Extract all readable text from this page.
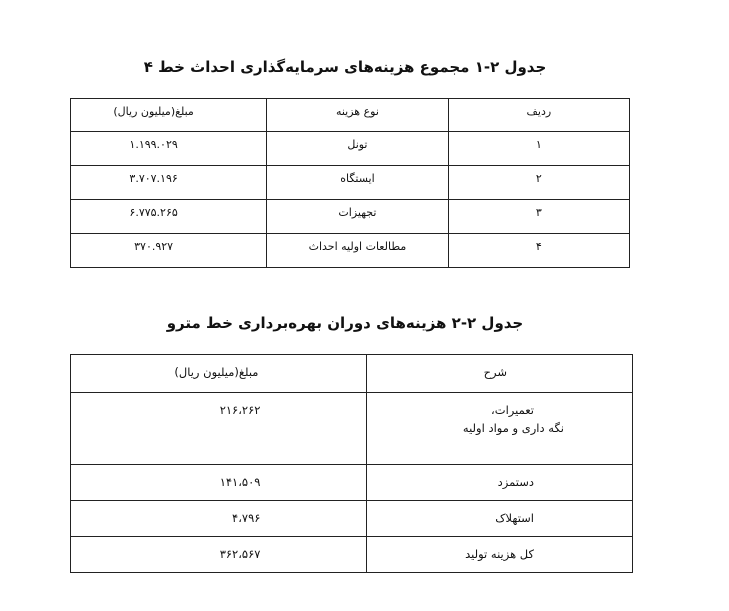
جدول ۲-۱ مجموع هزینه‌های سرمایه‌گذاری احداث خط ۴
ردیف	نوع هزینه	مبلغ(میلیون ریال)

۱	تونل	۱.۱۹۹.۰۲۹

۲	ایستگاه	۳.۷۰۷.۱۹۶

۳	تجهیزات	۶.۷۷۵.۲۶۵

۴	مطالعات اولیه احداث	۳۷۰.۹۲۷
جدول ۲-۲ هزینه‌های دوران بهره‌برداری خط مترو
شرح	مبلغ(میلیون ریال)

تعمیرات،
نگه داری و مواد اولیه	۲۱۶،۲۶۲

دستمزد	۱۴۱،۵۰۹

استهلاک	۴،۷۹۶

کل هزینه تولید	۳۶۲،۵۶۷
